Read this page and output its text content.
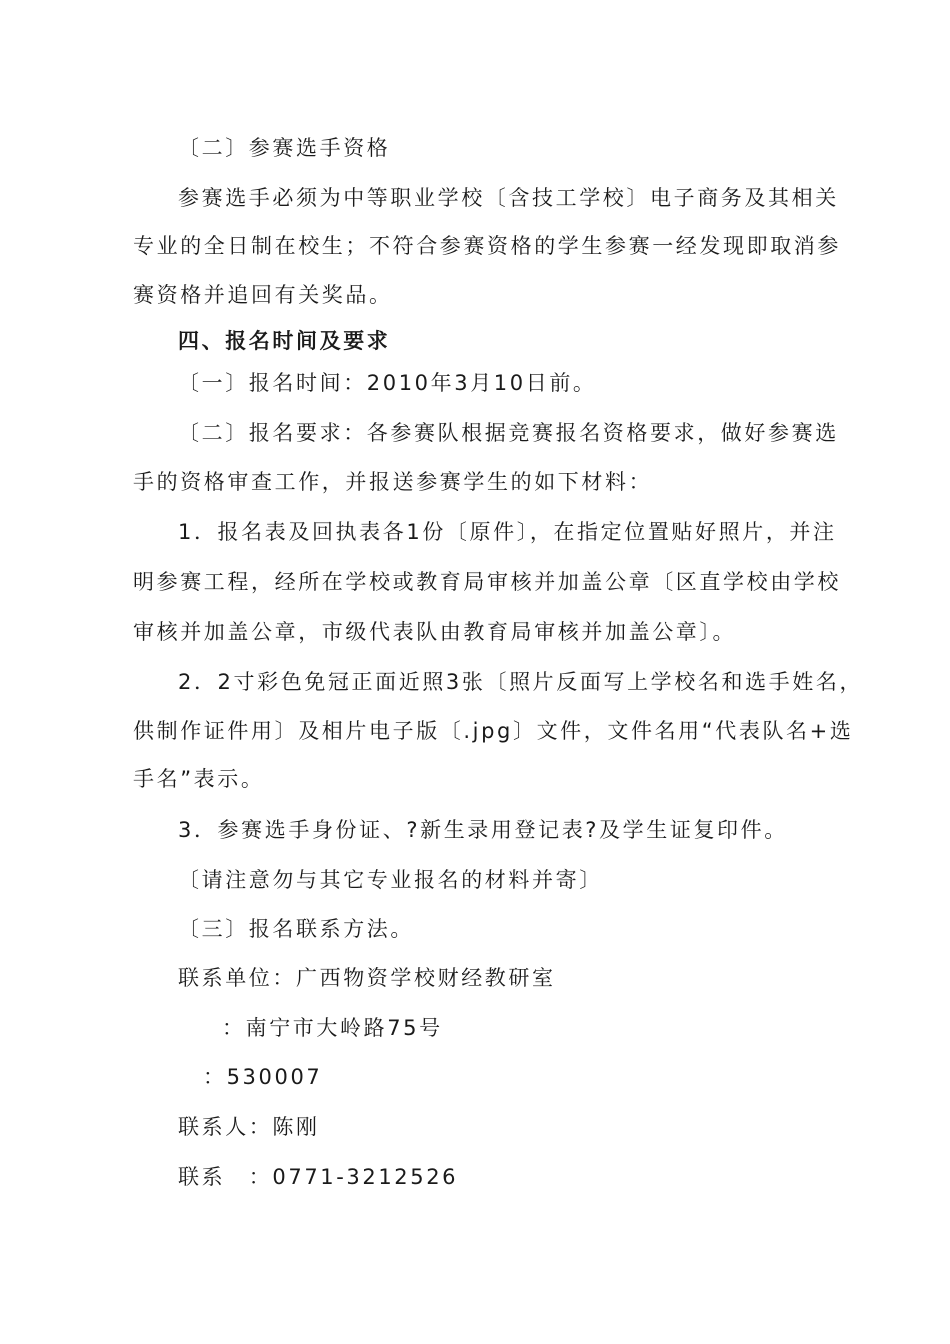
〔二〕参赛选手资格
参赛选手必须为中等职业学校〔含技工学校〕电子商务及其相关
专业的全日制在校生；不符合参赛资格的学生参赛一经发现即取消参
赛资格并追回有关奖品。
四、报名时间及要求
〔一〕报名时间：2010年3月10日前。
〔二〕报名要求：各参赛队根据竞赛报名资格要求，做好参赛选
手的资格审查工作，并报送参赛学生的如下材料：
1．报名表及回执表各1份〔原件〕，在指定位置贴好照片，并注
明参赛工程，经所在学校或教育局审核并加盖公章〔区直学校由学校
审核并加盖公章，市级代表队由教育局审核并加盖公章〕。
2．2寸彩色免冠正面近照3张〔照片反面写上学校名和选手姓名，
供制作证件用〕及相片电子版〔.jpg〕文件，文件名用“代表队名+选
手名”表示。
3．参赛选手身份证、?新生录用登记表?及学生证复印件。
〔请注意勿与其它专业报名的材料并寄〕
〔三〕报名联系方法。
联系单位：广西物资学校财经教研室
：南宁市大岭路75号
：530007
联系人：陈刚
联系　：0771-3212526
